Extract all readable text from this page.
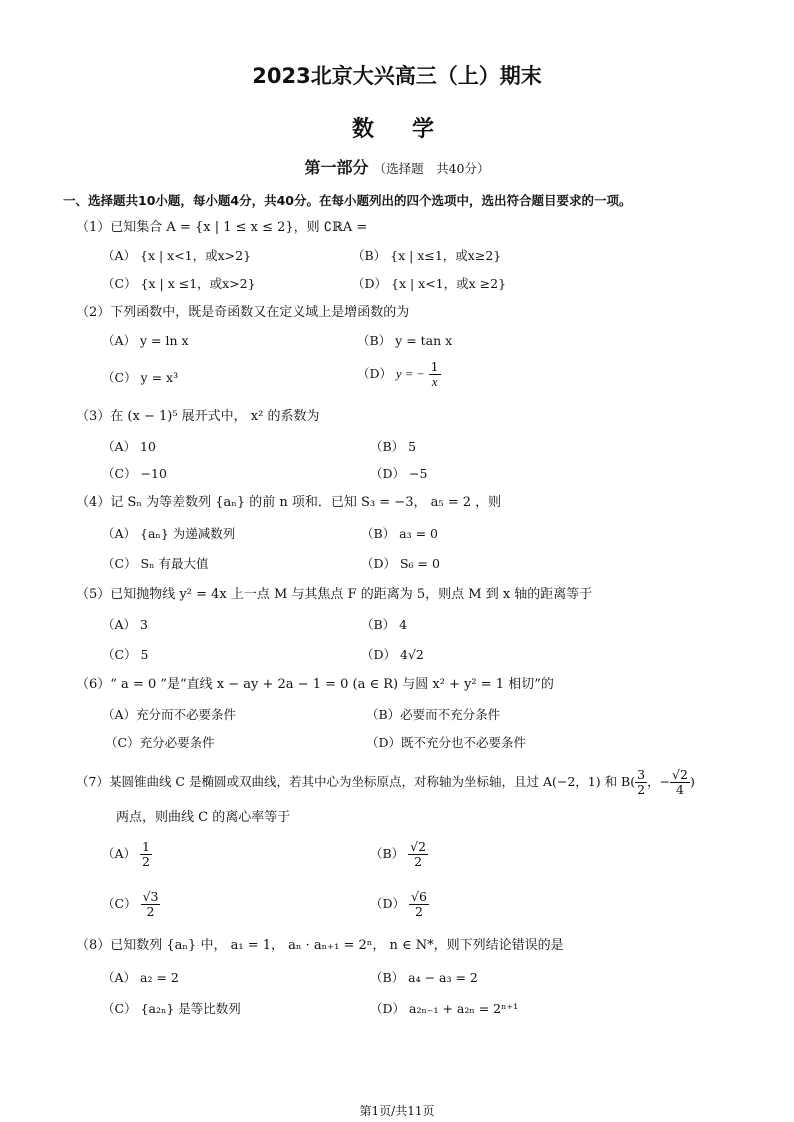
2023北京大兴高三（上）期末
数　学
第一部分 （选择题　共40分）
一、选择题共10小题，每小题4分，共40分。在每小题列出的四个选项中，选出符合题目要求的一项。
（1）已知集合 A = {x | 1 ≤ x ≤ 2}，则 ∁ℝA =
（A） {x | x<1，或x>2}	（B） {x | x≤1，或x≥2}
（C） {x | x ≤1，或x>2}	（D） {x | x<1，或x ≥2}
（2）下列函数中，既是奇函数又在定义域上是增函数的为
（A） y = ln x	（B） y = tan x
（C） y = x³	（D） y = − $\frac{1}{x}$
（3）在 (x − 1)⁵ 展开式中， x² 的系数为
（A） 10	（B） 5
（C） −10	（D） −5
（4）记 Sₙ 为等差数列 {aₙ} 的前 n 项和．已知 S₃ = −3， a₅ = 2 ，则
（A） {aₙ} 为递减数列	（B） a₃ = 0
（C） Sₙ 有最大值	（D） S₆ = 0
（5）已知抛物线 y² = 4x 上一点 M 与其焦点 F 的距离为 5，则点 M 到 x 轴的距离等于
（A） 3	（B） 4
（C） 5	（D） 4√2
（6）“ a = 0 ”是“直线 x − ay + 2a − 1 = 0 (a ∈ R) 与圆 x² + y² = 1 相切”的
（A）充分而不必要条件	（B）必要而不充分条件
（C）充分必要条件	（D）既不充分也不必要条件
（7）某圆锥曲线 C 是椭圆或双曲线，若其中心为坐标原点，对称轴为坐标轴，且过 A(−2，1) 和 $B( \frac{3}{2}$ ，− $\frac{√2}{4}$ )
两点，则曲线 C 的离心率等于
$(A) \frac{1}{2}$	$(B) \frac{√2}{2}$
$(C) \frac{√3}{2}$	$(D) \frac{√6}{2}$
（8）已知数列 {aₙ} 中， a₁ = 1， aₙ · aₙ₊₁ = 2ⁿ， n ∈ N*，则下列结论错误的是
（A） a₂ = 2	（B） a₄ − a₃ = 2
（C） {a₂ₙ} 是等比数列	（D） a₂ₙ₋₁ + a₂ₙ = 2ⁿ⁺¹
第1页/共11页
